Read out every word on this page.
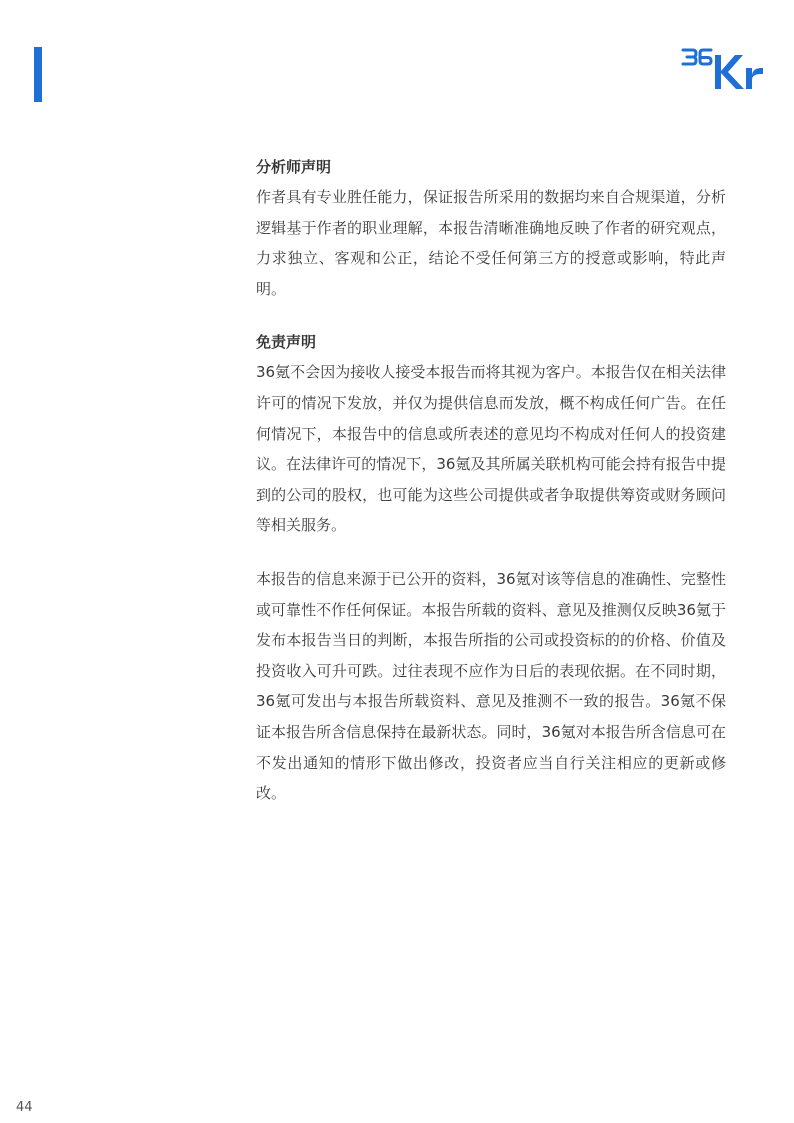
分析师声明

作者具有专业胜任能力，保证报告所采用的数据均来自合规渠道，分析逻辑基于作者的职业理解，本报告清晰准确地反映了作者的研究观点，力求独立、客观和公正，结论不受任何第三方的授意或影响，特此声明。

免责声明

36氪不会因为接收人接受本报告而将其视为客户。本报告仅在相关法律许可的情况下发放，并仅为提供信息而发放，概不构成任何广告。在任何情况下，本报告中的信息或所表述的意见均不构成对任何人的投资建议。在法律许可的情况下，36氪及其所属关联机构可能会持有报告中提到的公司的股权，也可能为这些公司提供或者争取提供筹资或财务顾问等相关服务。

本报告的信息来源于已公开的资料，36氪对该等信息的准确性、完整性或可靠性不作任何保证。本报告所载的资料、意见及推测仅反映36氪于发布本报告当日的判断，本报告所指的公司或投资标的的价格、价值及投资收入可升可跌。过往表现不应作为日后的表现依据。在不同时期，36氪可发出与本报告所载资料、意见及推测不一致的报告。36氪不保证本报告所含信息保持在最新状态。同时，36氪对本报告所含信息可在不发出通知的情形下做出修改，投资者应当自行关注相应的更新或修改。

44
